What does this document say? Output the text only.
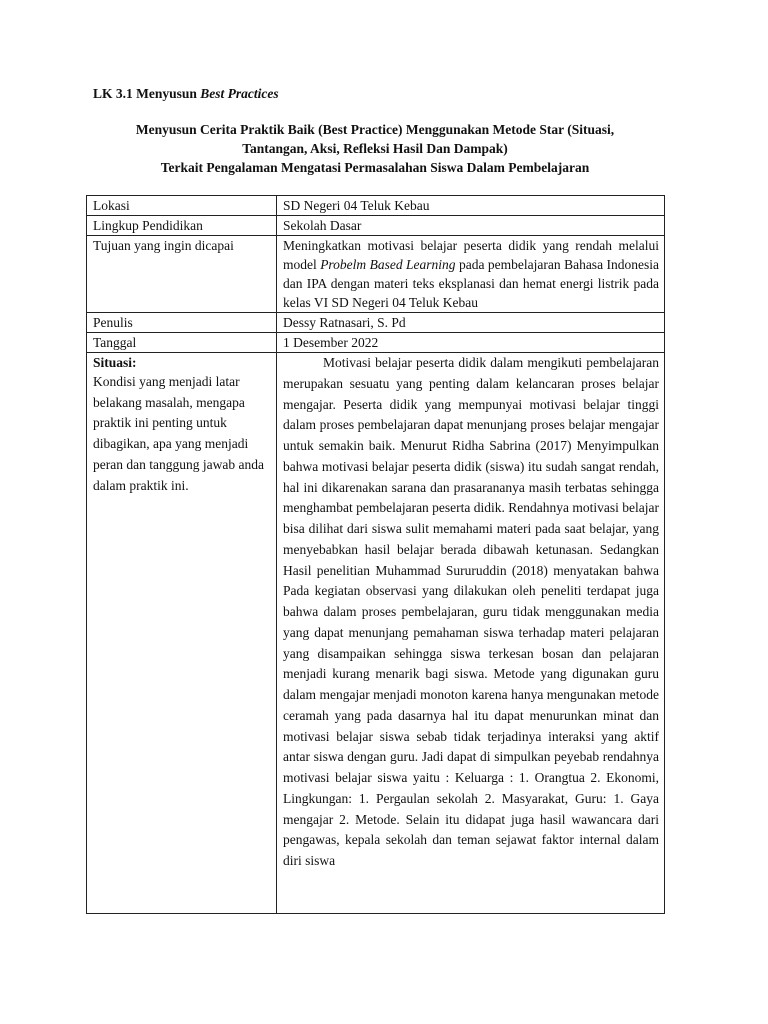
LK 3.1 Menyusun Best Practices
Menyusun Cerita Praktik Baik (Best Practice) Menggunakan Metode Star (Situasi,
Tantangan, Aksi, Refleksi Hasil Dan Dampak)
Terkait Pengalaman Mengatasi Permasalahan Siswa Dalam Pembelajaran
Lokasi	SD Negeri 04 Teluk Kebau
Lingkup Pendidikan	Sekolah Dasar
Tujuan yang ingin dicapai	Meningkatkan motivasi belajar peserta didik yang rendah melalui model Probelm Based Learning pada pembelajaran Bahasa Indonesia dan IPA dengan materi teks eksplanasi dan hemat energi listrik pada kelas VI SD Negeri 04 Teluk Kebau
Penulis	Dessy Ratnasari, S. Pd
Tanggal	1 Desember 2022

Situasi:
Kondisi yang menjadi latar belakang masalah, mengapa praktik ini penting untuk dibagikan, apa yang menjadi peran dan tanggung jawab anda dalam praktik ini.	Motivasi belajar peserta didik dalam mengikuti pembelajaran merupakan sesuatu yang penting dalam kelancaran proses belajar mengajar. Peserta didik yang mempunyai motivasi belajar tinggi dalam proses pembelajaran dapat menunjang proses belajar mengajar untuk semakin baik. Menurut Ridha Sabrina (2017) Menyimpulkan bahwa motivasi belajar peserta didik (siswa) itu sudah sangat rendah, hal ini dikarenakan sarana dan prasarananya masih terbatas sehingga menghambat pembelajaran peserta didik. Rendahnya motivasi belajar bisa dilihat dari siswa sulit memahami materi pada saat belajar, yang menyebabkan hasil belajar berada dibawah ketunasan. Sedangkan Hasil penelitian Muhammad Sururuddin (2018) menyatakan bahwa Pada kegiatan observasi yang dilakukan oleh peneliti terdapat juga bahwa dalam proses pembelajaran, guru tidak menggunakan media yang dapat menunjang pemahaman siswa terhadap materi pelajaran yang disampaikan sehingga siswa terkesan bosan dan pelajaran menjadi kurang menarik bagi siswa. Metode yang digunakan guru dalam mengajar menjadi monoton karena hanya mengunakan metode ceramah yang pada dasarnya hal itu dapat menurunkan minat dan motivasi belajar siswa sebab tidak terjadinya interaksi yang aktif antar siswa dengan guru. Jadi dapat di simpulkan peyebab rendahnya motivasi belajar siswa yaitu : Keluarga : 1. Orangtua 2. Ekonomi, Lingkungan: 1. Pergaulan sekolah 2. Masyarakat, Guru: 1. Gaya mengajar 2. Metode. Selain itu didapat juga hasil wawancara dari pengawas, kepala sekolah dan teman sejawat faktor internal dalam diri siswa
